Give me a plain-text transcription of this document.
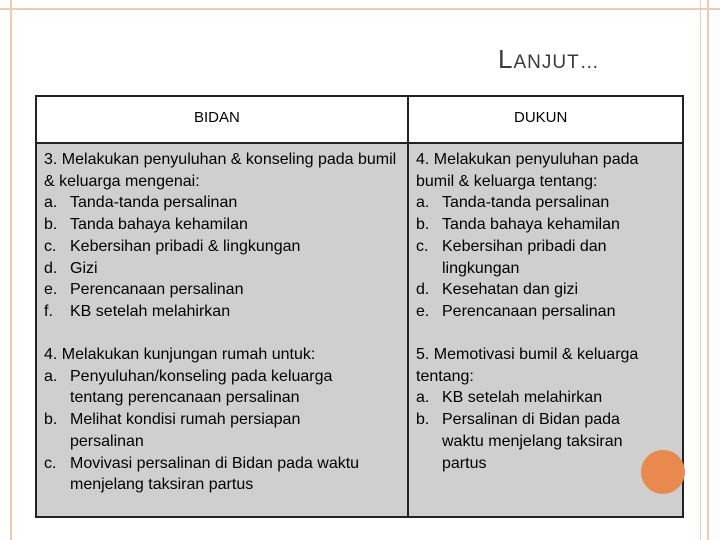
LANJUT…
BIDAN	DUKUN
3. Melakukan penyuluhan & konseling pada bumil & keluarga mengenai:
a. Tanda-tanda persalinan
b. Tanda bahaya kehamilan
c. Kebersihan pribadi & lingkungan
d. Gizi
e. Perencanaan persalinan
f. KB setelah melahirkan
4. Melakukan penyuluhan pada bumil & keluarga tentang:
a. Tanda-tanda persalinan
b. Tanda bahaya kehamilan
c. Kebersihan pribadi dan lingkungan
d. Kesehatan dan gizi
e. Perencanaan persalinan
4. Melakukan kunjungan rumah untuk:
a. Penyuluhan/konseling pada keluarga tentang perencanaan persalinan
b. Melihat kondisi rumah persiapan persalinan
c. Movivasi persalinan di Bidan pada waktu menjelang taksiran partus
5. Memotivasi bumil & keluarga tentang:
a. KB setelah melahirkan
b. Persalinan di Bidan pada waktu menjelang taksiran partus
